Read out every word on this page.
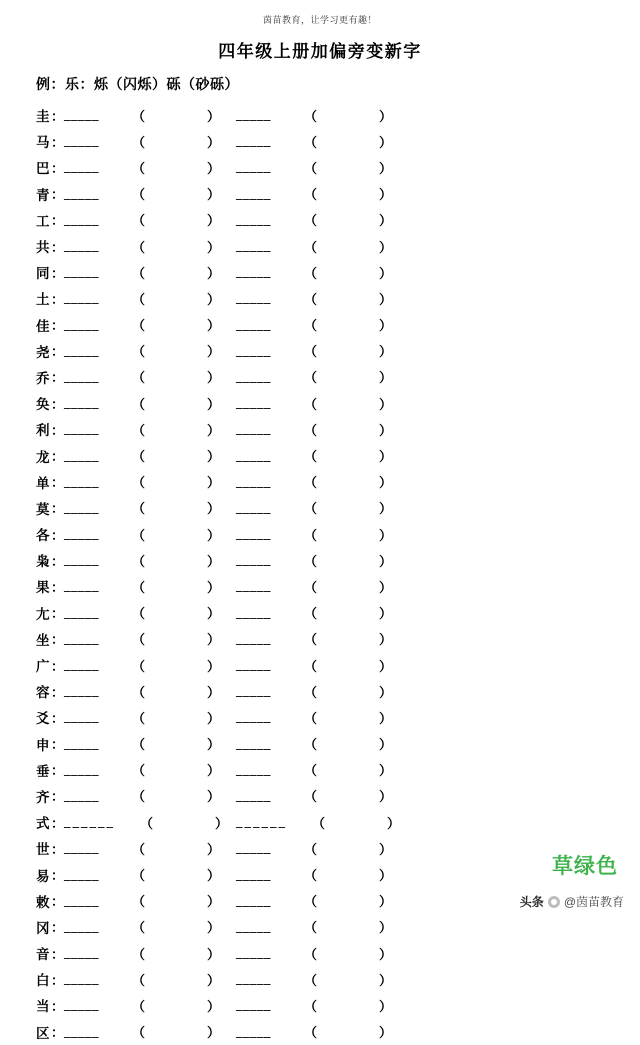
茵苗教育，让学习更有趣！
四年级上册加偏旁变新字
例：乐：烁（闪烁）砾（砂砾）
圭 ： _____	（	） _____	（	）
马 ： _____	（	） _____	（	）
巴 ： _____	（	） _____	（	）
青 ： _____	（	） _____	（	）
工 ： _____	（	） _____	（	）
共 ： _____	（	） _____	（	）
同 ： _____	（	） _____	（	）
土 ： _____	（	） _____	（	）
佳 ： _____	（	） _____	（	）
尧 ： _____	（	） _____	（	）
乔 ： _____	（	） _____	（	）
奂 ： _____	（	） _____	（	）
利 ： _____	（	） _____	（	）
龙 ： _____	（	） _____	（	）
单 ： _____	（	） _____	（	）
莫 ： _____	（	） _____	（	）
各 ： _____	（	） _____	（	）
枭 ： _____	（	） _____	（	）
果 ： _____	（	） _____	（	）
尢 ： _____	（	） _____	（	）
坐 ： _____	（	） _____	（	）
广 ： _____	（	） _____	（	）
容 ： _____	（	） _____	（	）
爻 ： _____	（	） _____	（	）
申 ： _____	（	） _____	（	）
垂 ： _____	（	） _____	（	）
齐 ： _____	（	） _____	（	）
式 ： ______	（	） ______	（	）
世 ： _____	（	） _____	（	）
易 ： _____	（	） _____	（	）
敕 ： _____	（	） _____	（	）
冈 ： _____	（	） _____	（	）
音 ： _____	（	） _____	（	）
白 ： _____	（	） _____	（	）
当 ： _____	（	） _____	（	）
区 ： _____	（	） _____	（	）
草绿色
头条 @茵苗教育
